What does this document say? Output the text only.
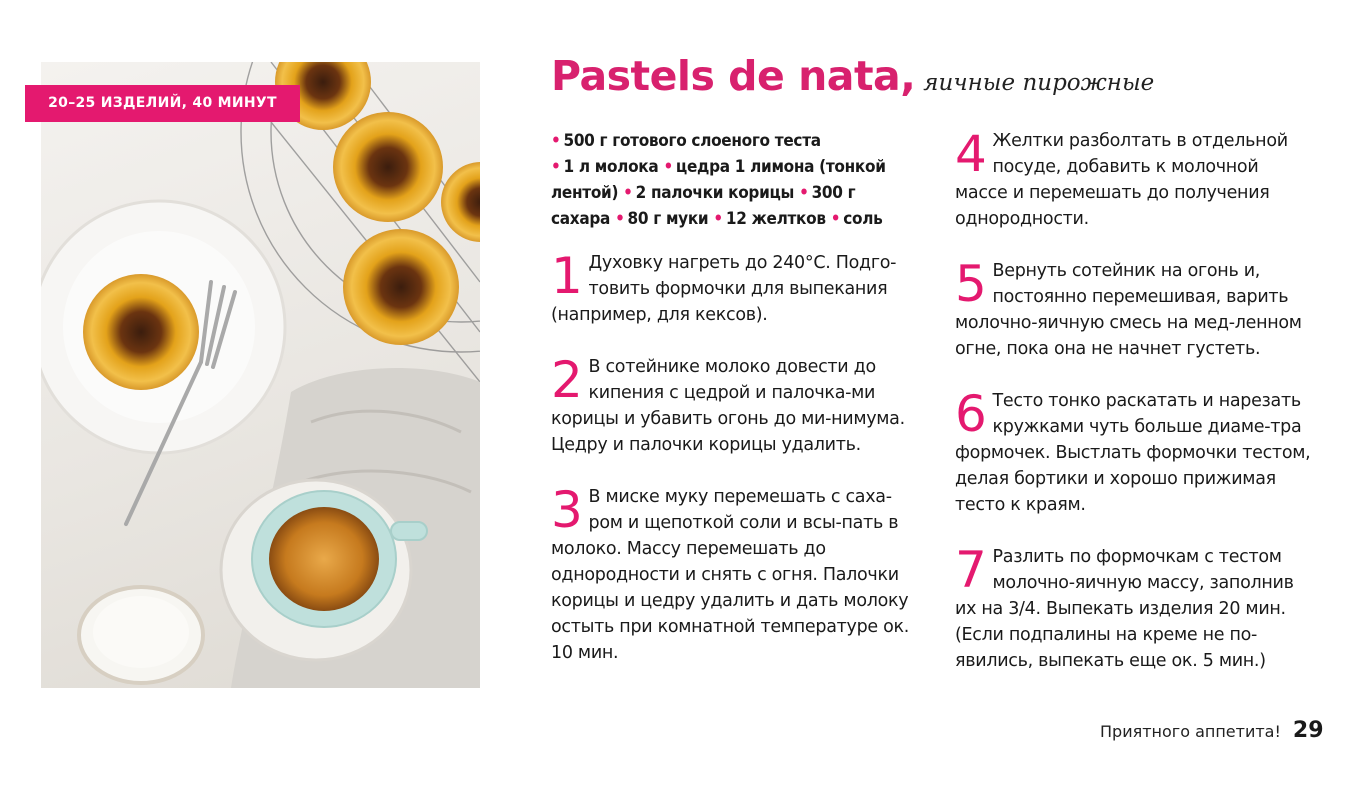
20–25 ИЗДЕЛИЙ, 40 МИНУТ
Pastels de nata, яичные пирожные
• 500 г готового слоеного теста
• 1 л молока • цедра 1 лимона (тонкой лентой) • 2 палочки корицы • 300 г сахара • 80 г муки • 12 желтков • соль
1 Духовку нагреть до 240°С. Подго-товить формочки для выпекания (например, для кексов).
2 В сотейнике молоко довести до кипения с цедрой и палочка-ми корицы и убавить огонь до ми-нимума. Цедру и палочки корицы удалить.
3 В миске муку перемешать с саха-ром и щепоткой соли и всы-пать в молоко. Массу перемешать до однородности и снять с огня. Палочки корицы и цедру удалить и дать молоку остыть при комнатной температуре ок. 10 мин.
4 Желтки разболтать в отдельной посуде, добавить к молочной массе и перемешать до получения однородности.
5 Вернуть сотейник на огонь и, постоянно перемешивая, варить молочно-яичную смесь на мед-ленном огне, пока она не начнет густеть.
6 Тесто тонко раскатать и нарезать кружками чуть больше диаме-тра формочек. Выстлать формочки тестом, делая бортики и хорошо прижимая тесто к краям.
7 Разлить по формочкам с тестом молочно-яичную массу, заполнив их на 3/4. Выпекать изделия 20 мин. (Если подпалины на креме не по-явились, выпекать еще ок. 5 мин.)
Приятного аппетита! 29
